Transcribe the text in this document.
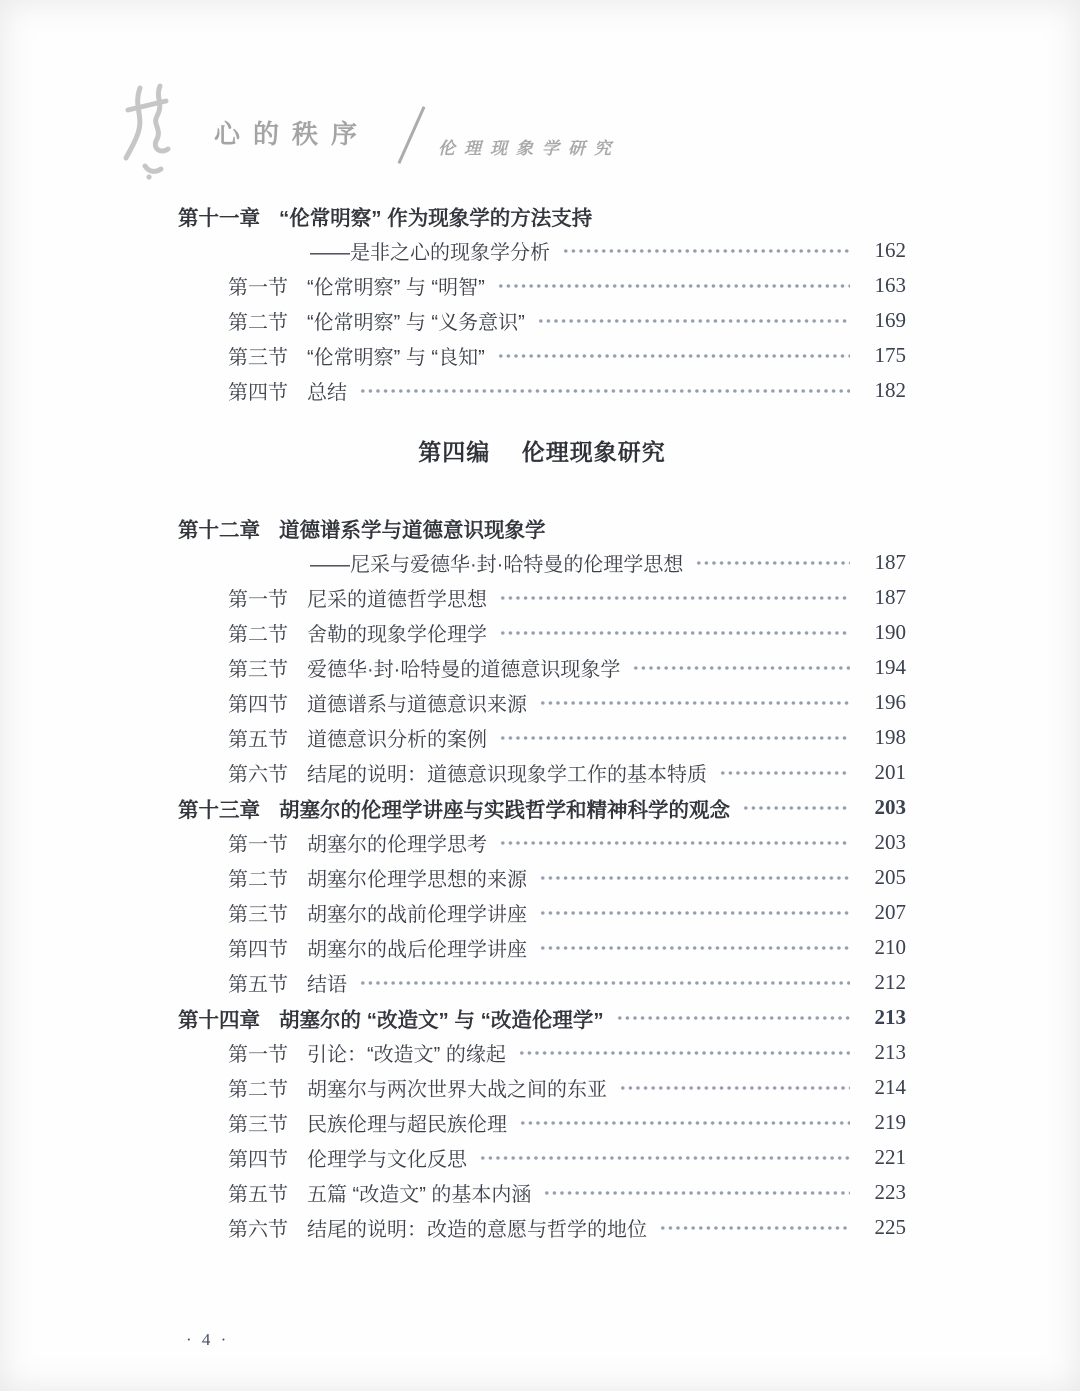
心的秩序	伦理现象学研究
第十一章 “伦常明察” 作为现象学的方法支持
——是非之心的现象学分析	162
第一节 “伦常明察” 与 “明智”	163
第二节 “伦常明察” 与 “义务意识”	169
第三节 “伦常明察” 与 “良知”	175
第四节 总结	182
第四编 伦理现象研究
第十二章 道德谱系学与道德意识现象学
——尼采与爱德华·封·哈特曼的伦理学思想	187
第一节 尼采的道德哲学思想	187
第二节 舍勒的现象学伦理学	190
第三节 爱德华·封·哈特曼的道德意识现象学	194
第四节 道德谱系与道德意识来源	196
第五节 道德意识分析的案例	198
第六节 结尾的说明：道德意识现象学工作的基本特质	201
第十三章 胡塞尔的伦理学讲座与实践哲学和精神科学的观念	203
第一节 胡塞尔的伦理学思考	203
第二节 胡塞尔伦理学思想的来源	205
第三节 胡塞尔的战前伦理学讲座	207
第四节 胡塞尔的战后伦理学讲座	210
第五节 结语	212
第十四章 胡塞尔的 “改造文” 与 “改造伦理学”	213
第一节 引论：“改造文” 的缘起	213
第二节 胡塞尔与两次世界大战之间的东亚	214
第三节 民族伦理与超民族伦理	219
第四节 伦理学与文化反思	221
第五节 五篇 “改造文” 的基本内涵	223
第六节 结尾的说明：改造的意愿与哲学的地位	225
· 4 ·
